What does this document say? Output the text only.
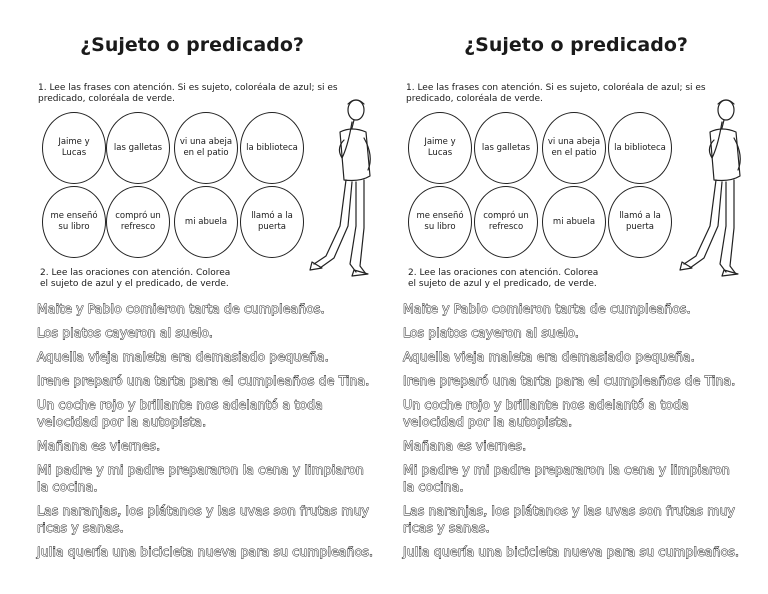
¿Sujeto o predicado?

1. Lee las frases con atención. Si es sujeto, coloréala de azul; si es predicado, coloréala de verde.

Jaime y Lucas
las galletas
vi una abeja en el patio
la biblioteca
me enseñó su libro
compró un refresco
mi abuela
llamó a la puerta

2. Lee las oraciones con atención. Colorea el sujeto de azul y el predicado, de verde.

Maite y Pablo comieron tarta de cumpleaños.
Los platos cayeron al suelo.
Aquella vieja maleta era demasiado pequeña.
Irene preparó una tarta para el cumpleaños de Tina.
Un coche rojo y brillante nos adelantó a toda velocidad por la autopista.
Mañana es viernes.
Mi padre y mi padre prepararon la cena y limpiaron la cocina.
Las naranjas, los plátanos y las uvas son frutas muy ricas y sanas.
Julia quería una bicicleta nueva para su cumpleaños.
¿Sujeto o predicado?

1. Lee las frases con atención. Si es sujeto, coloréala de azul; si es predicado, coloréala de verde.

Jaime y Lucas
las galletas
vi una abeja en el patio
la biblioteca
me enseñó su libro
compró un refresco
mi abuela
llamó a la puerta

2. Lee las oraciones con atención. Colorea el sujeto de azul y el predicado, de verde.

Maite y Pablo comieron tarta de cumpleaños.
Los platos cayeron al suelo.
Aquella vieja maleta era demasiado pequeña.
Irene preparó una tarta para el cumpleaños de Tina.
Un coche rojo y brillante nos adelantó a toda velocidad por la autopista.
Mañana es viernes.
Mi padre y mi padre prepararon la cena y limpiaron la cocina.
Las naranjas, los plátanos y las uvas son frutas muy ricas y sanas.
Julia quería una bicicleta nueva para su cumpleaños.
